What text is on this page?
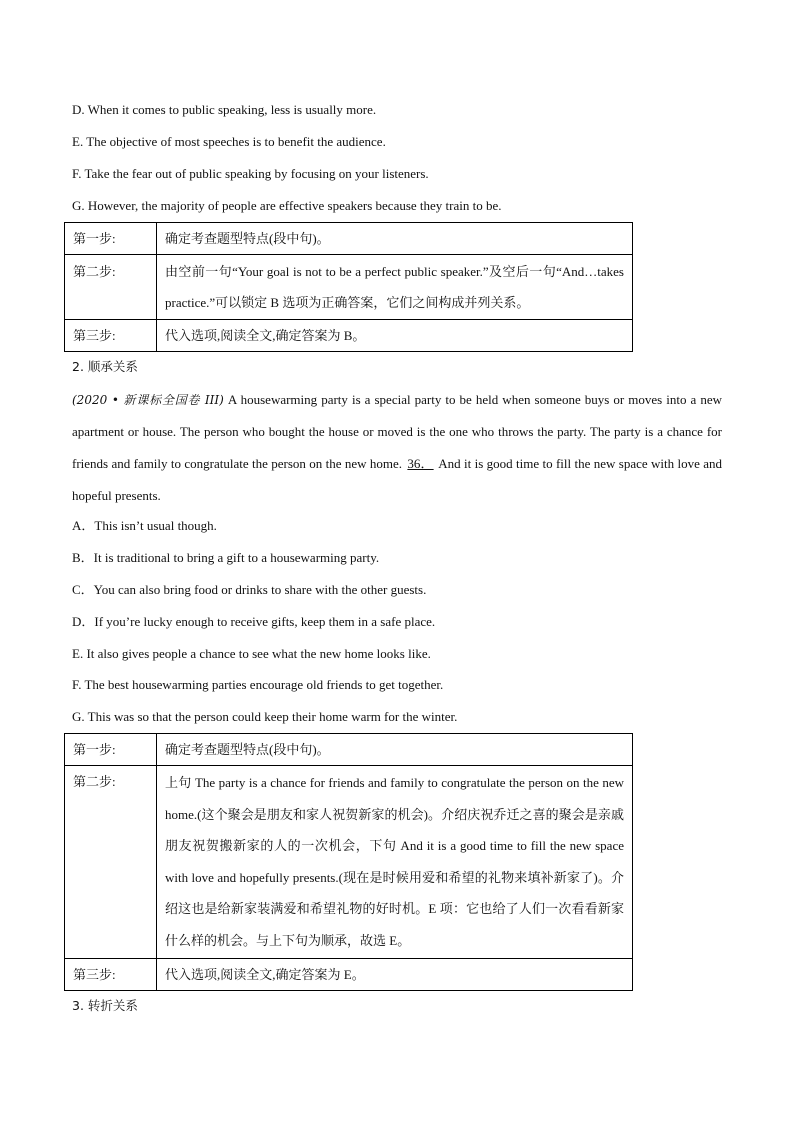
D. When it comes to public speaking, less is usually more.
E. The objective of most speeches is to benefit the audience.
F. Take the fear out of public speaking by focusing on your listeners.
G. However, the majority of people are effective speakers because they train to be.
第一步:	确定考查题型特点(段中句)。
第二步:	由空前一句“Your goal is not to be a perfect public speaker.”及空后一句“And…takes practice.”可以锁定 B 选项为正确答案，它们之间构成并列关系。
第三步:	代入选项,阅读全文,确定答案为 B。
2. 顺承关系
(2020 • 新课标全国卷 III) A housewarming party is a special party to be held when someone buys or moves into a new apartment or house. The person who bought the house or moved is the one who throws the party. The party is a chance for friends and family to congratulate the person on the new home. 36． And it is good time to fill the new space with love and hopeful presents.
A．This isn’t usual though.
B．It is traditional to bring a gift to a housewarming party.
C．You can also bring food or drinks to share with the other guests.
D．If you’re lucky enough to receive gifts, keep them in a safe place.
E. It also gives people a chance to see what the new home looks like.
F. The best housewarming parties encourage old friends to get together.
G. This was so that the person could keep their home warm for the winter.
第一步:	确定考查题型特点(段中句)。
第二步:	上句 The party is a chance for friends and family to congratulate the person on the new home.(这个聚会是朋友和家人祝贺新家的机会)。介绍庆祝乔迁之喜的聚会是亲戚朋友祝贺搬新家的人的一次机会，下句 And it is a good time to fill the new space with love and hopefully presents.(现在是时候用爱和希望的礼物来填补新家了)。介绍这也是给新家装满爱和希望礼物的好时机。E 项：它也给了人们一次看看新家什么样的机会。与上下句为顺承，故选 E。
第三步:	代入选项,阅读全文,确定答案为 E。
3. 转折关系
